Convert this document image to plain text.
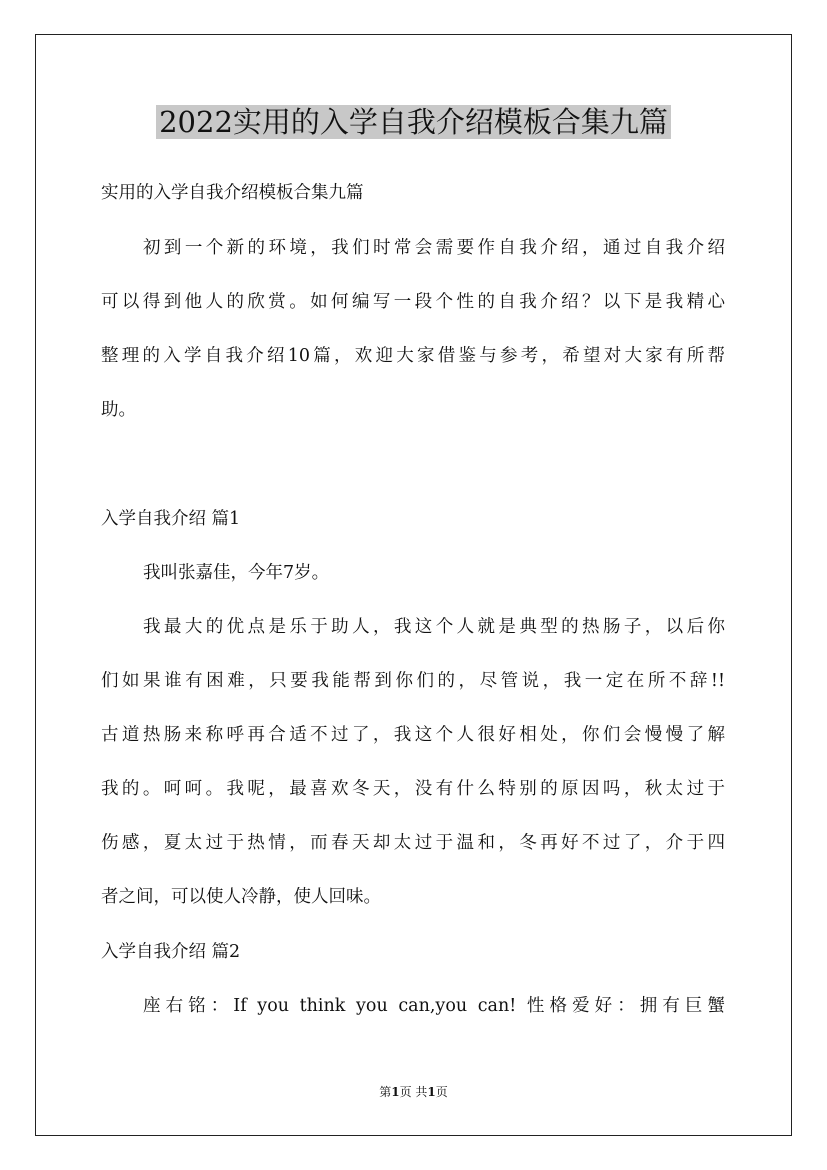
2022实用的入学自我介绍模板合集九篇
实用的入学自我介绍模板合集九篇
初到一个新的环境，我们时常会需要作自我介绍，通过自我介绍
可以得到他人的欣赏。如何编写一段个性的自我介绍？以下是我精心
整理的入学自我介绍10篇，欢迎大家借鉴与参考，希望对大家有所帮
助。
入学自我介绍 篇1
我叫张嘉佳，今年7岁。
我最大的优点是乐于助人，我这个人就是典型的热肠子，以后你
们如果谁有困难，只要我能帮到你们的，尽管说，我一定在所不辞!!
古道热肠来称呼再合适不过了，我这个人很好相处，你们会慢慢了解
我的。呵呵。我呢，最喜欢冬天，没有什么特别的原因吗，秋太过于
伤感，夏太过于热情，而春天却太过于温和，冬再好不过了，介于四
者之间，可以使人冷静，使人回味。
入学自我介绍 篇2
座右铭：If you think you can,you can! 性格爱好：拥有巨蟹
第1页 共1页
